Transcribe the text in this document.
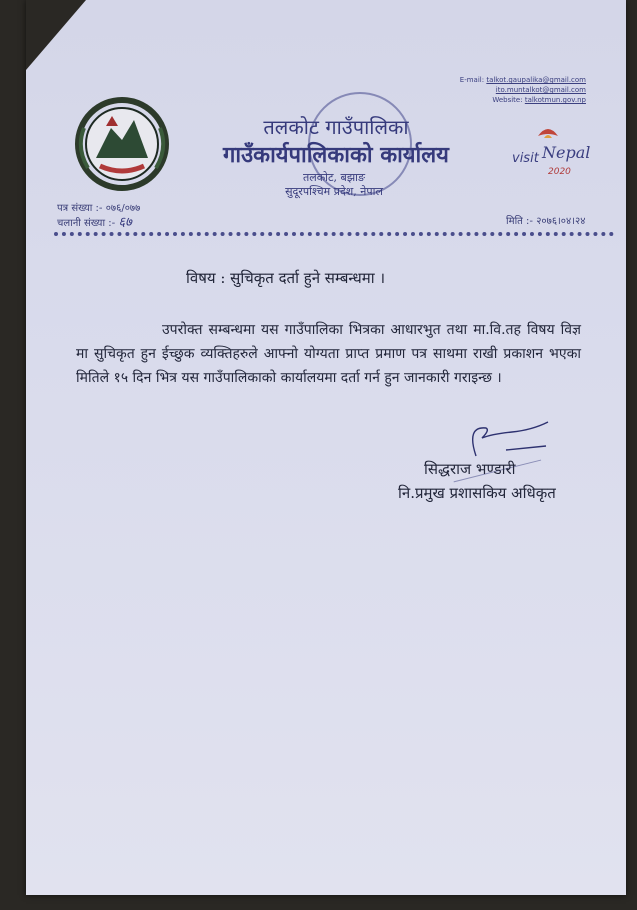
पत्र संख्या :- ०७६/०७७
चलानी संख्या :- ६७
तलकोट गाउँपालिका
गाउँकार्यपालिकाको कार्यालय
तलकोट, बझाङ
सुदूरपश्चिम प्रदेश, नेपाल
E-mail: talkot.gaupalika@gmail.com
ito.muntalkot@gmail.com
Website: talkotmun.gov.np
visit Nepal
2020
मिति :- २०७६।०४।२४
विषय : सुचिकृत दर्ता हुने सम्बन्धमा ।

उपरोक्त सम्बन्धमा यस गाउँपालिका भित्रका आधारभुत तथा मा.वि.तह विषय विज्ञ मा सुचिकृत हुन ईच्छुक व्यक्तिहरुले आफ्नो योग्यता प्राप्त प्रमाण पत्र साथमा राखी प्रकाशन भएका मितिले १५ दिन भित्र यस गाउँपालिकाको कार्यालयमा दर्ता गर्न हुन जानकारी गराइन्छ ।

सिद्धराज भण्डारी
नि.प्रमुख प्रशासकिय अधिकृत
